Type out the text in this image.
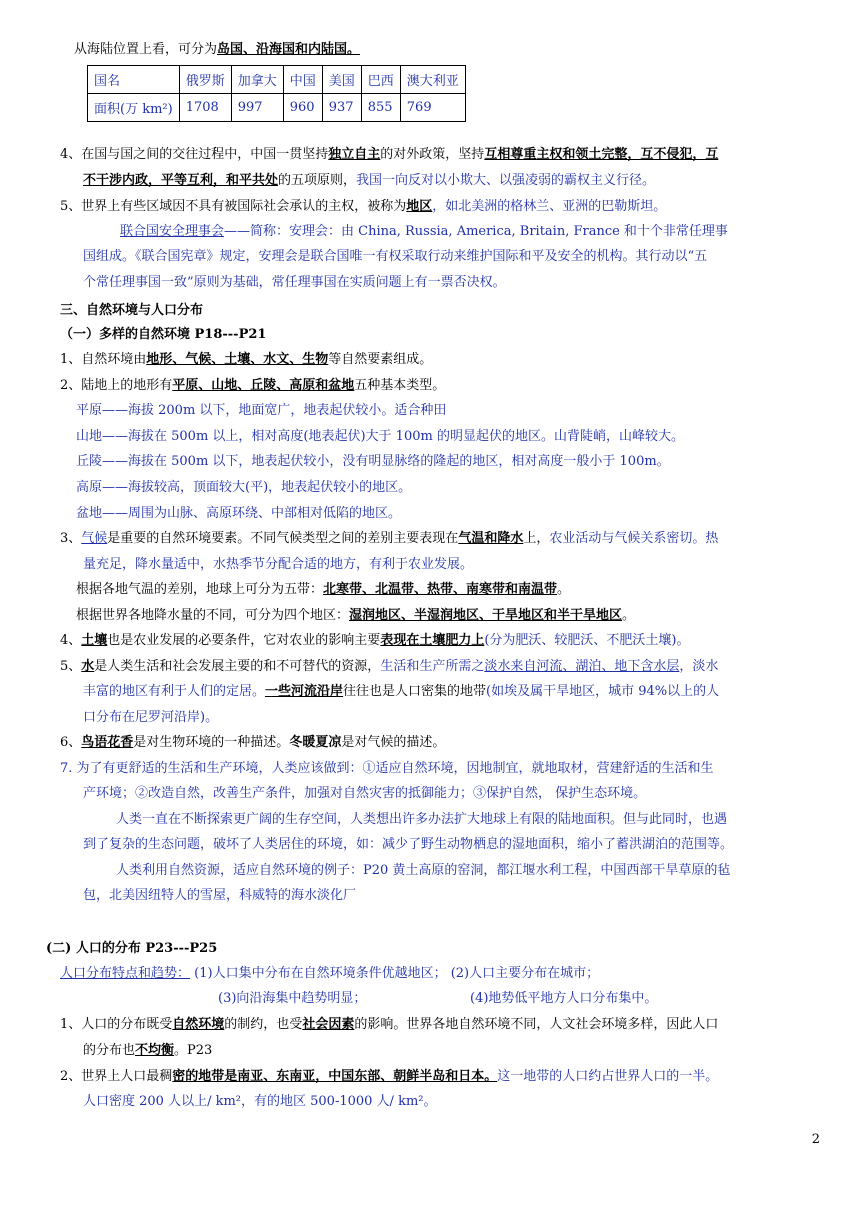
从海陆位置上看，可分为岛国、沿海国和内陆国。
国名	俄罗斯	加拿大	中国	美国	巴西	澳大利亚
面积(万 km²)	1708	997	960	937	855	769
4、在国与国之间的交往过程中，中国一贯坚持独立自主的对外政策，坚持互相尊重主权和领土完整，互不侵犯，互
不干涉内政，平等互利，和平共处的五项原则，我国一向反对以小欺大、以强凌弱的霸权主义行径。
5、世界上有些区域因不具有被国际社会承认的主权，被称为地区，如北美洲的格林兰、亚洲的巴勒斯坦。
联合国安全理事会——简称：安理会：由 China, Russia, America, Britain, France 和十个非常任理事
国组成。《联合国宪章》规定，安理会是联合国唯一有权采取行动来维护国际和平及安全的机构。其行动以“五
个常任理事国一致”原则为基础，常任理事国在实质问题上有一票否决权。
三、自然环境与人口分布
（一）多样的自然环境 P18---P21
1、自然环境由地形、气候、土壤、水文、生物等自然要素组成。
2、陆地上的地形有平原、山地、丘陵、高原和盆地五种基本类型。
平原——海拔 200m 以下，地面宽广，地表起伏较小。适合种田
山地——海拔在 500m 以上，相对高度(地表起伏)大于 100m 的明显起伏的地区。山背陡峭，山峰较大。
丘陵——海拔在 500m 以下，地表起伏较小，没有明显脉络的隆起的地区，相对高度一般小于 100m。
高原——海拔较高，顶面较大(平)，地表起伏较小的地区。
盆地——周围为山脉、高原环绕、中部相对低陷的地区。
3、气候是重要的自然环境要素。不同气候类型之间的差别主要表现在气温和降水上，农业活动与气候关系密切。热
量充足，降水量适中，水热季节分配合适的地方，有利于农业发展。
根据各地气温的差别，地球上可分为五带：北寒带、北温带、热带、南寒带和南温带。
根据世界各地降水量的不同，可分为四个地区：湿润地区、半湿润地区、干旱地区和半干旱地区。
4、土壤也是农业发展的必要条件，它对农业的影响主要表现在土壤肥力上(分为肥沃、较肥沃、不肥沃土壤)。
5、水是人类生活和社会发展主要的和不可替代的资源，生活和生产所需之淡水来自河流、湖泊、地下含水层，淡水
丰富的地区有利于人们的定居。一些河流沿岸往往也是人口密集的地带(如埃及属干旱地区，城市 94%以上的人
口分布在尼罗河沿岸)。
6、鸟语花香是对生物环境的一种描述。冬暖夏凉是对气候的描述。
7. 为了有更舒适的生活和生产环境，人类应该做到：①适应自然环境，因地制宜，就地取材，营建舒适的生活和生
产环境；②改造自然，改善生产条件，加强对自然灾害的抵御能力；③保护自然， 保护生态环境。
人类一直在不断探索更广阔的生存空间，人类想出许多办法扩大地球上有限的陆地面积。但与此同时，也遇
到了复杂的生态问题，破坏了人类居住的环境，如：减少了野生动物栖息的湿地面积，缩小了蓄洪湖泊的范围等。
人类利用自然资源，适应自然环境的例子：P20 黄土高原的窑洞，都江堰水利工程，中国西部干旱草原的毡
包，北美因纽特人的雪屋，科威特的海水淡化厂
(二) 人口的分布 P23---P25
人口分布特点和趋势： (1)人口集中分布在自然环境条件优越地区； (2)人口主要分布在城市；
(3)向沿海集中趋势明显；	(4)地势低平地方人口分布集中。
1、人口的分布既受自然环境的制约，也受社会因素的影响。世界各地自然环境不同，人文社会环境多样，因此人口
的分布也不均衡。P23
2、世界上人口最稠密的地带是南亚、东南亚，中国东部、朝鲜半岛和日本。这一地带的人口约占世界人口的一半。
人口密度 200 人以上/ km²，有的地区 500-1000 人/ km²。
2
